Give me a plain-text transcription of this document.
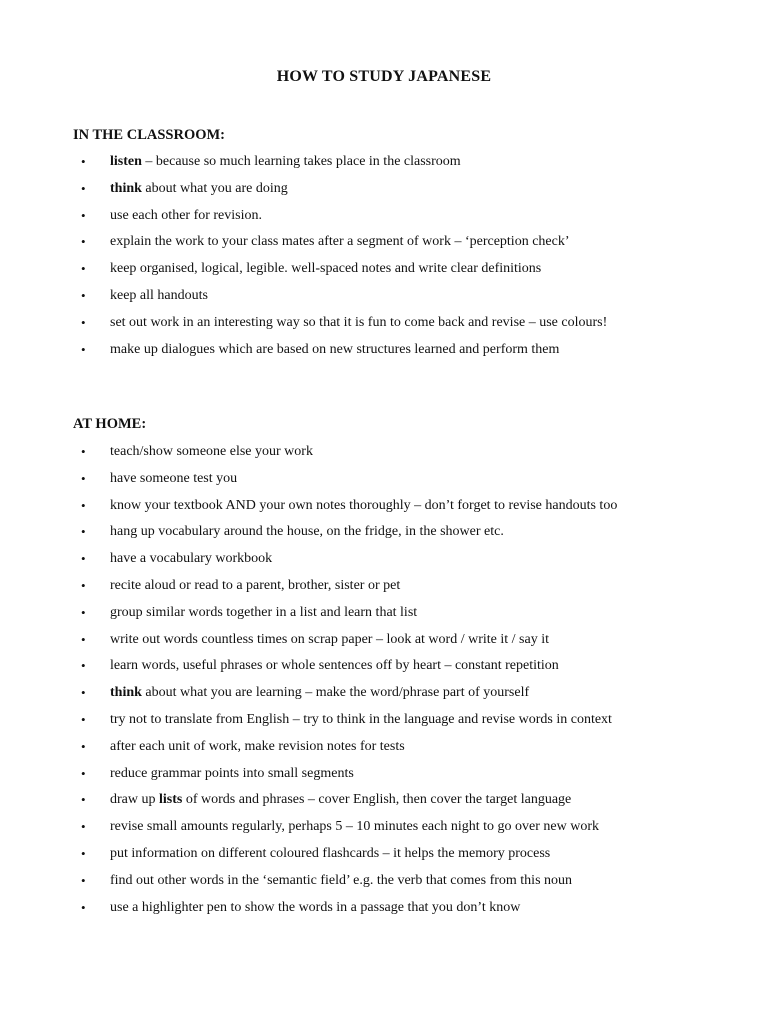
HOW TO STUDY JAPANESE
IN THE CLASSROOM:
• listen – because so much learning takes place in the classroom
• think about what you are doing
• use each other for revision.
• explain the work to your class mates after a segment of work – ‘perception check’
• keep organised, logical, legible. well-spaced notes and write clear definitions
• keep all handouts
• set out work in an interesting way so that it is fun to come back and revise – use colours!
• make up dialogues which are based on new structures learned and perform them
AT HOME:
• teach/show someone else your work
• have someone test you
• know your textbook AND your own notes thoroughly – don’t forget to revise handouts too
• hang up vocabulary around the house, on the fridge, in the shower etc.
• have a vocabulary workbook
• recite aloud or read to a parent, brother, sister or pet
• group similar words together in a list and learn that list
• write out words countless times on scrap paper – look at word / write it / say it
• learn words, useful phrases or whole sentences off by heart – constant repetition
• think about what you are learning – make the word/phrase part of yourself
• try not to translate from English – try to think in the language and revise words in context
• after each unit of work, make revision notes for tests
• reduce grammar points into small segments
• draw up lists of words and phrases – cover English, then cover the target language
• revise small amounts regularly, perhaps 5 – 10 minutes each night to go over new work
• put information on different coloured flashcards – it helps the memory process
• find out other words in the ‘semantic field’ e.g. the verb that comes from this noun
• use a highlighter pen to show the words in a passage that you don’t know
